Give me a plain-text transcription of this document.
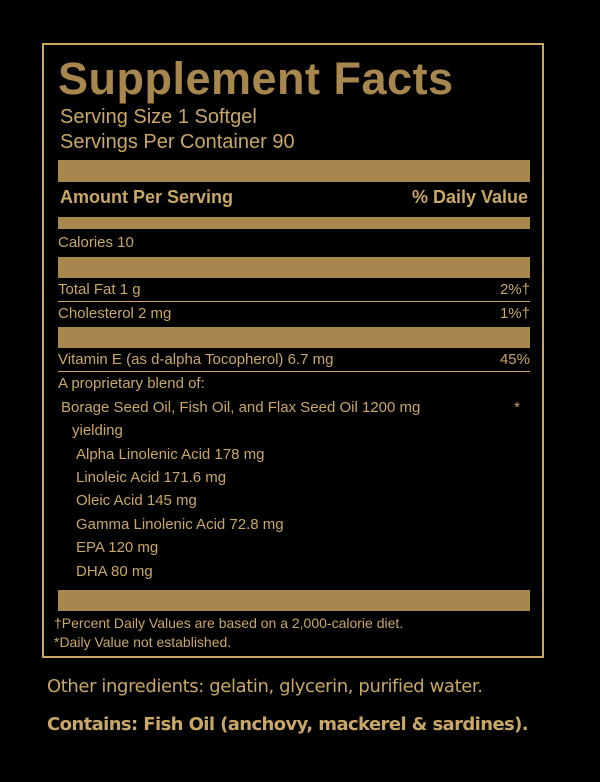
Supplement Facts
Serving Size 1 Softgel
Servings Per Container 90
Amount Per Serving	% Daily Value
Calories 10
Total Fat 1 g	2%†
Cholesterol 2 mg	1%†
Vitamin E (as d-alpha Tocopherol) 6.7 mg	45%
A proprietary blend of:
Borage Seed Oil, Fish Oil, and Flax Seed Oil 1200 mg	*
yielding
Alpha Linolenic Acid 178 mg
Linoleic Acid 171.6 mg
Oleic Acid 145 mg
Gamma Linolenic Acid 72.8 mg
EPA 120 mg
DHA 80 mg
†Percent Daily Values are based on a 2,000-calorie diet.
*Daily Value not established.
Other ingredients: gelatin, glycerin, purified water.
Contains: Fish Oil (anchovy, mackerel & sardines).
